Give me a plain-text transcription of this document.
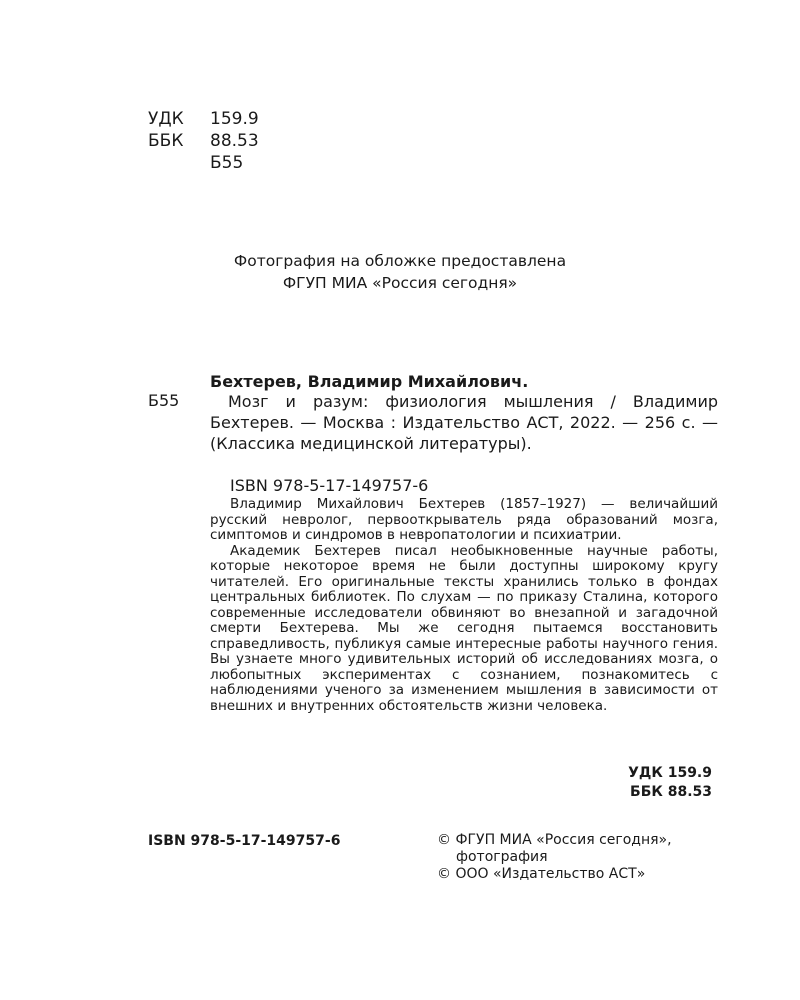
УДК	159.9
ББК	88.53
Б55
Фотография на обложке предоставлена
ФГУП МИА «Россия сегодня»
Бехтерев, Владимир Михайлович.
Б55	Мозг и разум: физиология мышления / Владимир Бехтерев. — Москва : Издательство АСТ, 2022. — 256 с. — (Классика медицинской литературы).

ISBN 978-5-17-149757-6

Владимир Михайлович Бехтерев (1857–1927) — величайший русский невролог, первооткрыватель ряда образований мозга, симптомов и синдромов в невропатологии и психиатрии.

Академик Бехтерев писал необыкновенные научные работы, которые некоторое время не были доступны широкому кругу читателей. Его оригинальные тексты хранились только в фондах центральных библиотек. По слухам — по приказу Сталина, которого современные исследователи обвиняют во внезапной и загадочной смерти Бехтерева. Мы же сегодня пытаемся восстановить справедливость, публикуя самые интересные работы научного гения. Вы узнаете много удивительных историй об исследованиях мозга, о любопытных экспериментах с сознанием, познакомитесь с наблюдениями ученого за изменением мышления в зависимости от внешних и внутренних обстоятельств жизни человека.

УДК 159.9
ББК 88.53
ISBN 978-5-17-149757-6	© ФГУП МИА «Россия сегодня»,
фотография
© ООО «Издательство АСТ»
